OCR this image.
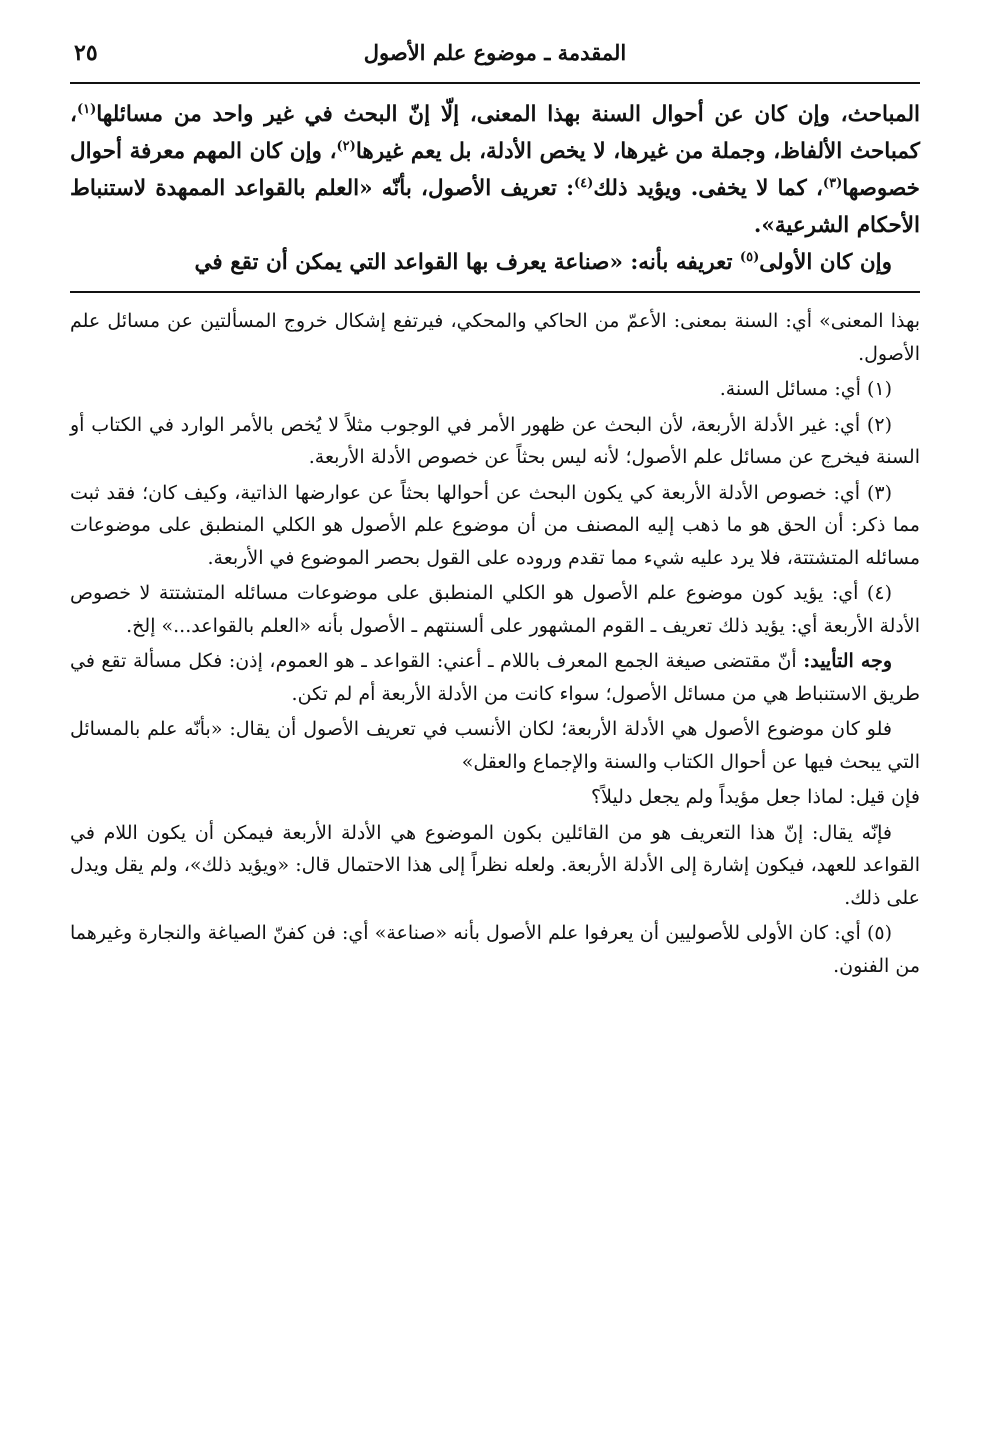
المقدمة ـ موضوع علم الأصول
٢٥

المباحث، وإن كان عن أحوال السنة بهذا المعنى، إلّا إنّ البحث في غير واحد من مسائلها$^{(١)}$، كمباحث الألفاظ، وجملة من غيرها، لا يخص الأدلة، بل يعم غيرها$^{(٢)}$، وإن كان المهم معرفة أحوال خصوصها$^{(٣)}$، كما لا يخفى. ويؤيد ذلك$^{(٤)}$: تعريف الأصول، بأنّه «العلم بالقواعد الممهدة لاستنباط الأحكام الشرعية».

وإن كان الأولى$^{(٥)}$ تعريفه بأنه: «صناعة يعرف بها القواعد التي يمكن أن تقع في

بهذا المعنى» أي: السنة بمعنى: الأعمّ من الحاكي والمحكي، فيرتفع إشكال خروج المسألتين عن مسائل علم الأصول.

(١) أي: مسائل السنة.

(٢) أي: غير الأدلة الأربعة، لأن البحث عن ظهور الأمر في الوجوب مثلاً لا يُخص بالأمر الوارد في الكتاب أو السنة فيخرج عن مسائل علم الأصول؛ لأنه ليس بحثاً عن خصوص الأدلة الأربعة.

(٣) أي: خصوص الأدلة الأربعة كي يكون البحث عن أحوالها بحثاً عن عوارضها الذاتية، وكيف كان؛ فقد ثبت مما ذكر: أن الحق هو ما ذهب إليه المصنف من أن موضوع علم الأصول هو الكلي المنطبق على موضوعات مسائله المتشتتة، فلا يرد عليه شيء مما تقدم وروده على القول بحصر الموضوع في الأربعة.

(٤) أي: يؤيد كون موضوع علم الأصول هو الكلي المنطبق على موضوعات مسائله المتشتتة لا خصوص الأدلة الأربعة أي: يؤيد ذلك تعريف ـ القوم المشهور على ألسنتهم ـ الأصول بأنه «العلم بالقواعد...» إلخ.

وجه التأييد: أنّ مقتضى صيغة الجمع المعرف باللام ـ أعني: القواعد ـ هو العموم، إذن: فكل مسألة تقع في طريق الاستنباط هي من مسائل الأصول؛ سواء كانت من الأدلة الأربعة أم لم تكن.

فلو كان موضوع الأصول هي الأدلة الأربعة؛ لكان الأنسب في تعريف الأصول أن يقال: «بأنّه علم بالمسائل التي يبحث فيها عن أحوال الكتاب والسنة والإجماع والعقل»

فإن قيل: لماذا جعل مؤيداً ولم يجعل دليلاً؟

فإنّه يقال: إنّ هذا التعريف هو من القائلين بكون الموضوع هي الأدلة الأربعة فيمكن أن يكون اللام في القواعد للعهد، فيكون إشارة إلى الأدلة الأربعة. ولعله نظراً إلى هذا الاحتمال قال: «ويؤيد ذلك»، ولم يقل ويدل على ذلك.

(٥) أي: كان الأولى للأصوليين أن يعرفوا علم الأصول بأنه «صناعة» أي: فن كفنّ الصياغة والنجارة وغيرهما من الفنون.
